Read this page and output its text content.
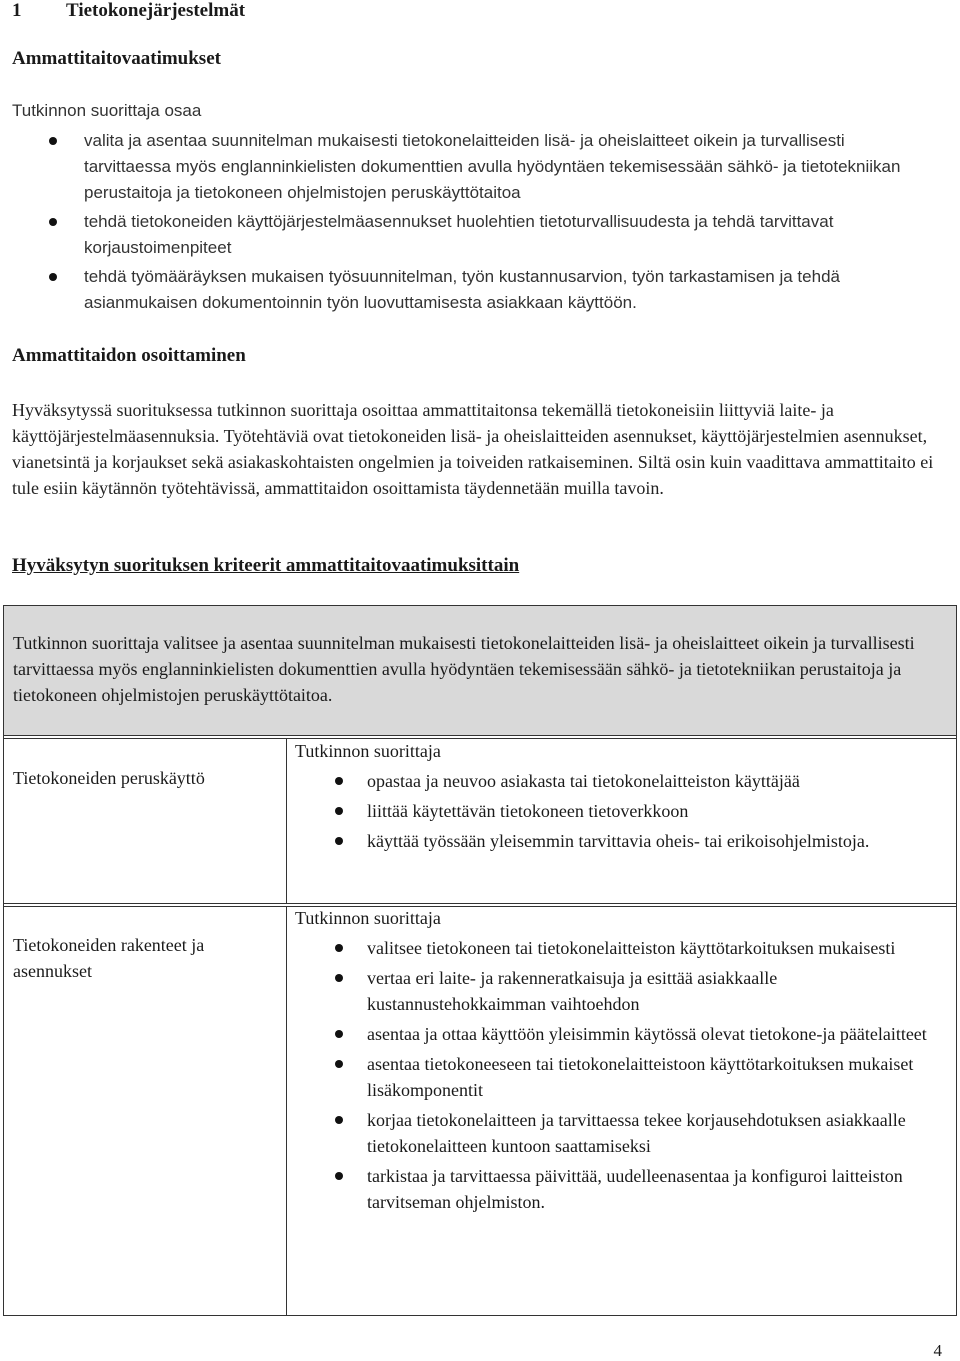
1 Tietokonejärjestelmät
Ammattitaitovaatimukset
Tutkinnon suorittaja osaa
valita ja asentaa suunnitelman mukaisesti tietokonelaitteiden lisä- ja oheislaitteet oikein ja turvallisesti tarvittaessa myös englanninkielisten dokumenttien avulla hyödyntäen tekemisessään sähkö- ja tietotekniikan perustaitoja ja tietokoneen ohjelmistojen peruskäyttötaitoa
tehdä tietokoneiden käyttöjärjestelmäasennukset huolehtien tietoturvallisuudesta ja tehdä tarvittavat korjaustoimenpiteet
tehdä työmääräyksen mukaisen työsuunnitelman, työn kustannusarvion, työn tarkastamisen ja tehdä asianmukaisen dokumentoinnin työn luovuttamisesta asiakkaan käyttöön.
Ammattitaidon osoittaminen
Hyväksytyssä suorituksessa tutkinnon suorittaja osoittaa ammattitaitonsa tekemällä tietokoneisiin liittyviä laite- ja käyttöjärjestelmäasennuksia. Työtehtäviä ovat tietokoneiden lisä- ja oheislaitteiden asennukset, käyttöjärjestelmien asennukset, vianetsintä ja korjaukset sekä asiakaskohtaisten ongelmien ja toiveiden ratkaiseminen. Siltä osin kuin vaadittava ammattitaito ei tule esiin käytännön työtehtävissä, ammattitaidon osoittamista täydennetään muilla tavoin.
Hyväksytyn suorituksen kriteerit ammattitaitovaatimuksittain
Tutkinnon suorittaja valitsee ja asentaa suunnitelman mukaisesti tietokonelaitteiden lisä- ja oheislaitteet oikein ja turvallisesti tarvittaessa myös englanninkielisten dokumenttien avulla hyödyntäen tekemisessään sähkö- ja tietotekniikan perustaitoja ja tietokoneen ohjelmistojen peruskäyttötaitoa.
Tietokoneiden peruskäyttö
Tutkinnon suorittaja
opastaa ja neuvoo asiakasta tai tietokonelaitteiston käyttäjää
liittää käytettävän tietokoneen tietoverkkoon
käyttää työssään yleisemmin tarvittavia oheis- tai erikoisohjelmistoja.
Tietokoneiden rakenteet ja asennukset
Tutkinnon suorittaja
valitsee tietokoneen tai tietokonelaitteiston käyttötarkoituksen mukaisesti
vertaa eri laite- ja rakenneratkaisuja ja esittää asiakkaalle kustannustehokkaimman vaihtoehdon
asentaa ja ottaa käyttöön yleisimmin käytössä olevat tietokone-ja päätelaitteet
asentaa tietokoneeseen tai tietokonelaitteistoon käyttötarkoituksen mukaiset lisäkomponentit
korjaa tietokonelaitteen ja tarvittaessa tekee korjausehdotuksen asiakkaalle tietokonelaitteen kuntoon saattamiseksi
tarkistaa ja tarvittaessa päivittää, uudelleenasentaa ja konfiguroi laitteiston tarvitseman ohjelmiston.
4
